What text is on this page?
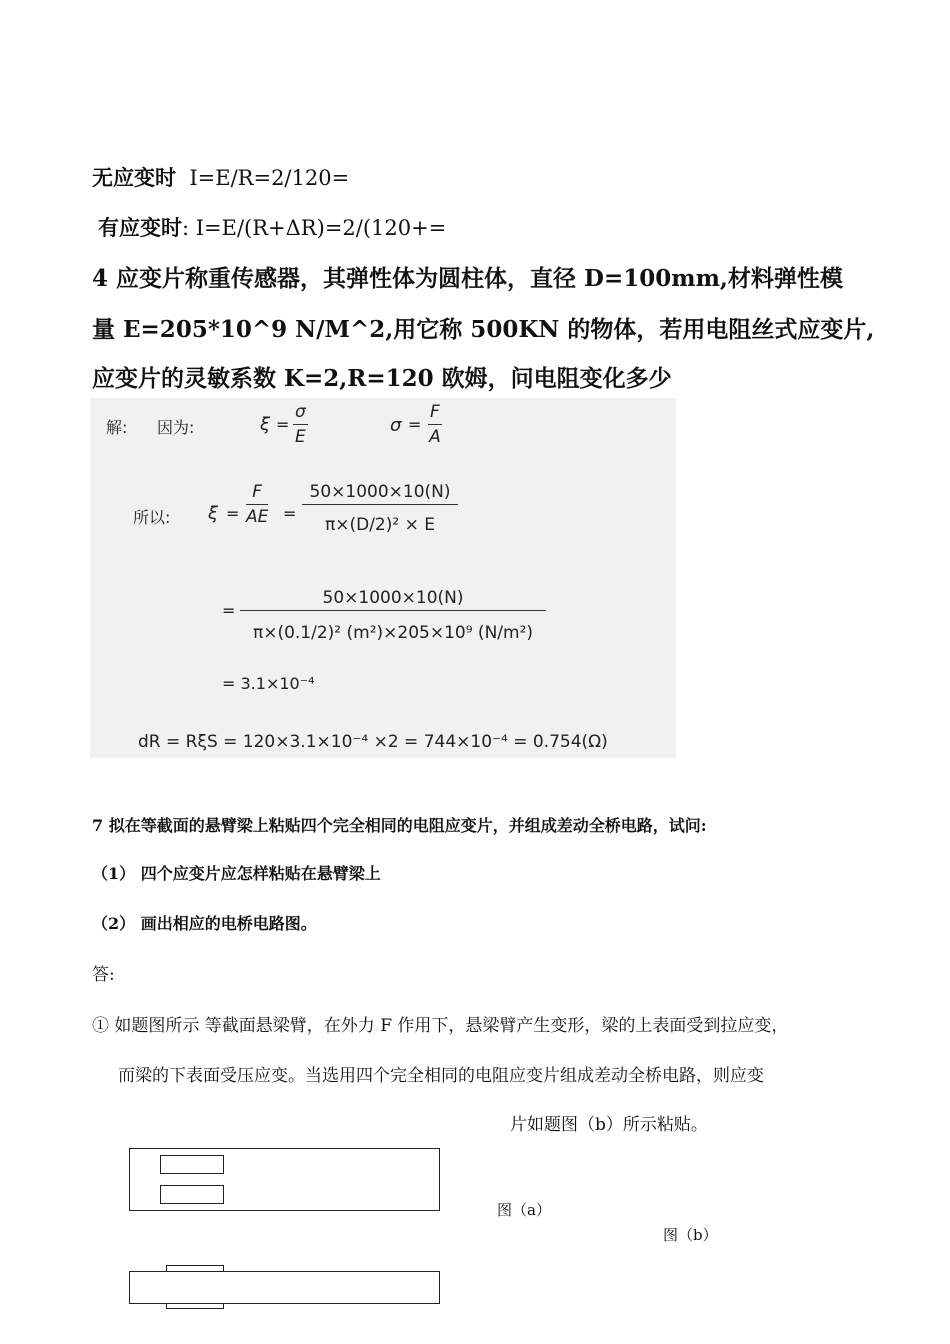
无应变时 I=E/R=2/120=
有应变时: I=E/(R+ΔR)=2/(120+=
4 应变片称重传感器，其弹性体为圆柱体，直径 D=100mm,材料弹性模
量 E=205*10^9 N/M^2,用它称 500KN 的物体，若用电阻丝式应变片,
应变片的灵敏系数 K=2,R=120 欧姆，问电阻变化多少
解: 因为:	$\xi = \frac{\sigma}{E}$	$\sigma = \frac{F}{A}$
所以: $\xi = \frac{F}{AE} = \frac{50\times 1000\times 10(N)}{\text{π×(D/2)² × E}}$
= $\frac{50\times 1000\times 10(N)}{\text{π×(0.1/2)² (m²)×205×10⁹ (N/m²)}}$
= 3.1×10⁻⁴
dR = RξS = 120×3.1×10⁻⁴ ×2 = 744×10⁻⁴ = 0.754(Ω)
7 拟在等截面的悬臂梁上粘贴四个完全相同的电阻应变片，并组成差动全桥电路，试问:
（1） 四个应变片应怎样粘贴在悬臂梁上
（2） 画出相应的电桥电路图。
答:
① 如题图所示 等截面悬梁臂，在外力 F 作用下，悬梁臂产生变形，梁的上表面受到拉应变，
而梁的下表面受压应变。当选用四个完全相同的电阻应变片组成差动全桥电路，则应变
片如题图（b）所示粘贴。
图（a）
图（b）
